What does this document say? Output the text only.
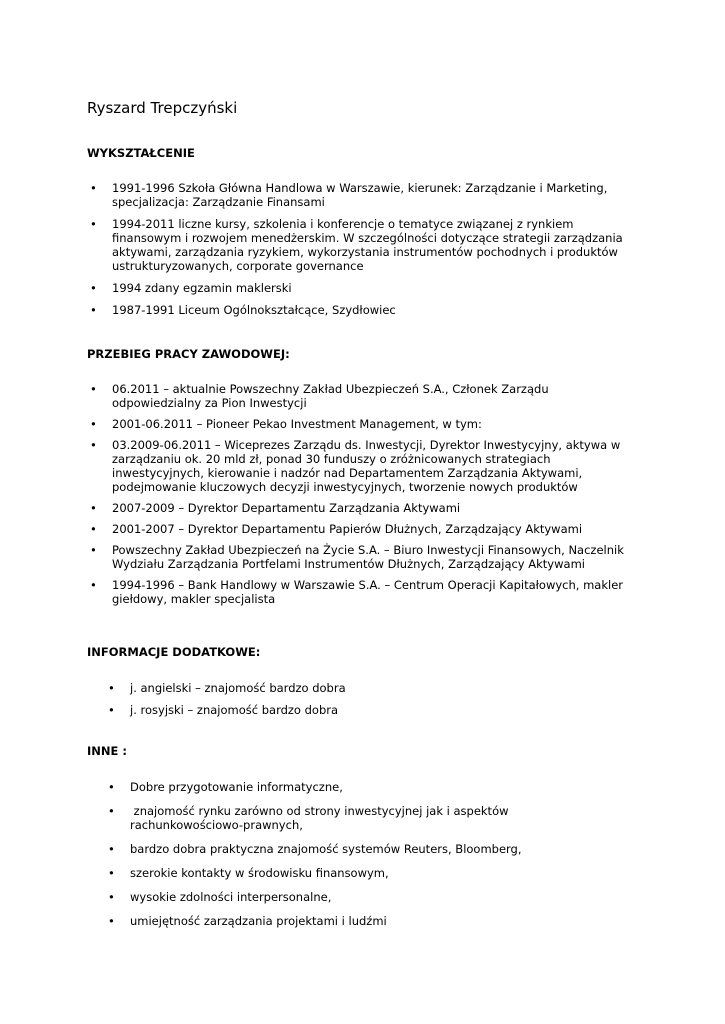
Ryszard Trepczyński
WYKSZTAŁCENIE
• 1991-1996 Szkoła Główna Handlowa w Warszawie, kierunek: Zarządzanie i Marketing, specjalizacja: Zarządzanie Finansami
• 1994-2011 liczne kursy, szkolenia i konferencje o tematyce związanej z rynkiem finansowym i rozwojem menedżerskim. W szczególności dotyczące strategii zarządzania aktywami, zarządzania ryzykiem, wykorzystania instrumentów pochodnych i produktów ustrukturyzowanych, corporate governance
• 1994 zdany egzamin maklerski
• 1987-1991 Liceum Ogólnokształcące, Szydłowiec
PRZEBIEG PRACY ZAWODOWEJ:
• 06.2011 – aktualnie Powszechny Zakład Ubezpieczeń S.A., Członek Zarządu odpowiedzialny za Pion Inwestycji
• 2001-06.2011 – Pioneer Pekao Investment Management, w tym:
• 03.2009-06.2011 – Wiceprezes Zarządu ds. Inwestycji, Dyrektor Inwestycyjny, aktywa w zarządzaniu ok. 20 mld zł, ponad 30 funduszy o zróżnicowanych strategiach inwestycyjnych, kierowanie i nadzór nad Departamentem Zarządzania Aktywami, podejmowanie kluczowych decyzji inwestycyjnych, tworzenie nowych produktów
• 2007-2009 – Dyrektor Departamentu Zarządzania Aktywami
• 2001-2007 – Dyrektor Departamentu Papierów Dłużnych, Zarządzający Aktywami
• Powszechny Zakład Ubezpieczeń na Życie S.A. – Biuro Inwestycji Finansowych, Naczelnik Wydziału Zarządzania Portfelami Instrumentów Dłużnych, Zarządzający Aktywami
• 1994-1996 – Bank Handlowy w Warszawie S.A. – Centrum Operacji Kapitałowych, makler giełdowy, makler specjalista
INFORMACJE DODATKOWE:
• j. angielski – znajomość bardzo dobra
• j. rosyjski – znajomość bardzo dobra
INNE :
• Dobre przygotowanie informatyczne,
• znajomość rynku zarówno od strony inwestycyjnej jak i aspektów rachunkowościowo-prawnych,
• bardzo dobra praktyczna znajomość systemów Reuters, Bloomberg,
• szerokie kontakty w środowisku finansowym,
• wysokie zdolności interpersonalne,
• umiejętność zarządzania projektami i ludźmi
